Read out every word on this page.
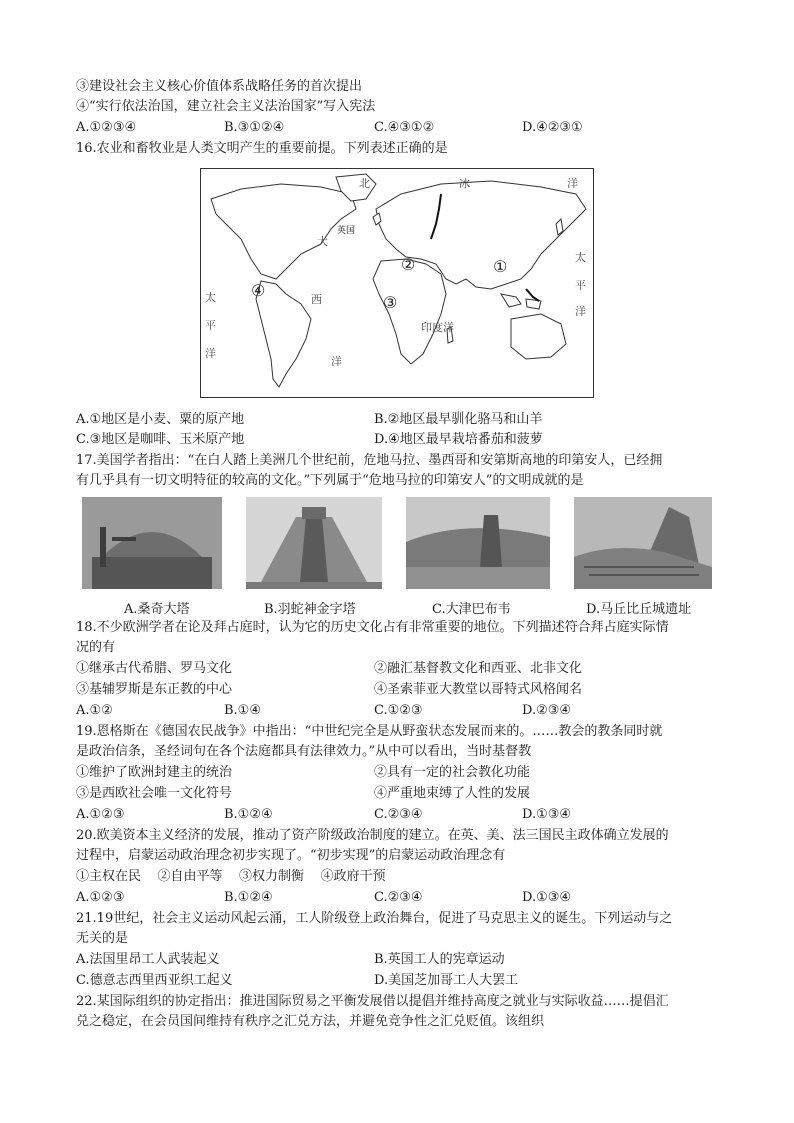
③建设社会主义核心价值体系战略任务的首次提出
④“实行依法治国，建立社会主义法治国家”写入宪法
A.①②③④	B.③①②④	C.④③①②	D.④②③①
16.农业和畜牧业是人类文明产生的重要前提。下列表述正确的是
北	冰	洋
英国
大
西
太
平
洋
洋
印度洋
太
平
洋
①
②
③
④
A.①地区是小麦、粟的原产地	B.②地区最早驯化骆马和山羊
C.③地区是咖啡、玉米原产地	D.④地区最早栽培番茄和菠萝
17.美国学者指出：“在白人踏上美洲几个世纪前，危地马拉、墨西哥和安第斯高地的印第安人，已经拥
有几乎具有一切文明特征的较高的文化。”下列属于“危地马拉的印第安人”的文明成就的是
A.桑奇大塔	B.羽蛇神金字塔	C.大津巴布韦	D.马丘比丘城遗址
18.不少欧洲学者在论及拜占庭时，认为它的历史文化占有非常重要的地位。下列描述符合拜占庭实际情
况的有
①继承古代希腊、罗马文化	②融汇基督教文化和西亚、北非文化
③基辅罗斯是东正教的中心	④圣索菲亚大教堂以哥特式风格闻名
A.①②	B.①④	C.①②③	D.②③④
19.恩格斯在《德国农民战争》中指出：“中世纪完全是从野蛮状态发展而来的。……教会的教条同时就
是政治信条，圣经词句在各个法庭都具有法律效力。”从中可以看出，当时基督教
①维护了欧洲封建主的统治	②具有一定的社会教化功能
③是西欧社会唯一文化符号	④严重地束缚了人性的发展
A.①②③	B.①②④	C.②③④	D.①③④
20.欧美资本主义经济的发展，推动了资产阶级政治制度的建立。在英、美、法三国民主政体确立发展的
过程中，启蒙运动政治理念初步实现了。“初步实现”的启蒙运动政治理念有
①主权在民    ②自由平等    ③权力制衡    ④政府干预
A.①②③	B.①②④	C.②③④	D.①③④
21.19世纪，社会主义运动风起云涌，工人阶级登上政治舞台，促进了马克思主义的诞生。下列运动与之
无关的是
A.法国里昂工人武装起义	B.英国工人的宪章运动
C.德意志西里西亚织工起义	D.美国芝加哥工人大罢工
22.某国际组织的协定指出：推进国际贸易之平衡发展借以提倡并维持高度之就业与实际收益……提倡汇
兑之稳定，在会员国间维持有秩序之汇兑方法，并避免竞争性之汇兑贬值。该组织
